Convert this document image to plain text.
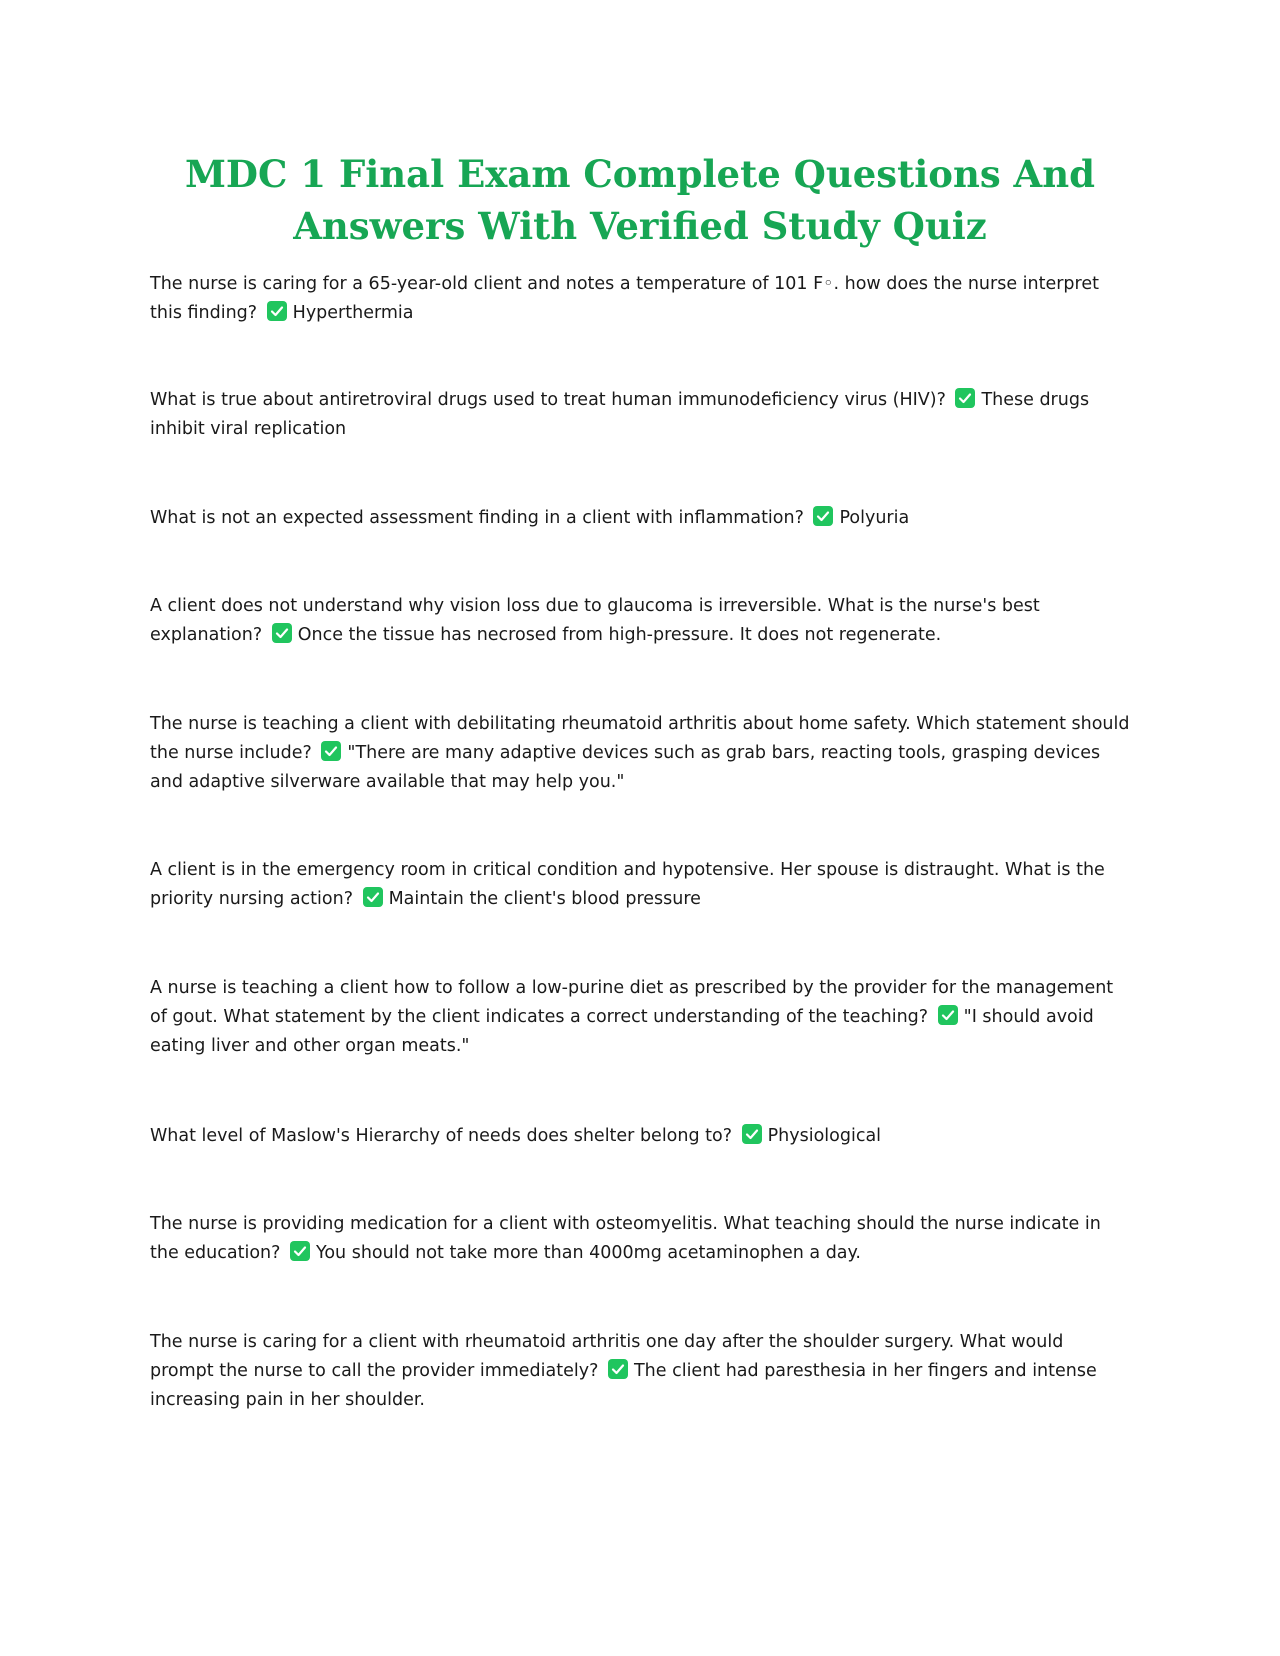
MDC 1 Final Exam Complete Questions And Answers With Verified Study Quiz

The nurse is caring for a 65-year-old client and notes a temperature of 101 F◦. how does the nurse interpret this finding? Hyperthermia

What is true about antiretroviral drugs used to treat human immunodeficiency virus (HIV)? These drugs inhibit viral replication

What is not an expected assessment finding in a client with inflammation? Polyuria

A client does not understand why vision loss due to glaucoma is irreversible. What is the nurse's best explanation? Once the tissue has necrosed from high-pressure. It does not regenerate.

The nurse is teaching a client with debilitating rheumatoid arthritis about home safety. Which statement should the nurse include? "There are many adaptive devices such as grab bars, reacting tools, grasping devices and adaptive silverware available that may help you."

A client is in the emergency room in critical condition and hypotensive. Her spouse is distraught. What is the priority nursing action? Maintain the client's blood pressure

A nurse is teaching a client how to follow a low-purine diet as prescribed by the provider for the management of gout. What statement by the client indicates a correct understanding of the teaching? "I should avoid eating liver and other organ meats."

What level of Maslow's Hierarchy of needs does shelter belong to? Physiological

The nurse is providing medication for a client with osteomyelitis. What teaching should the nurse indicate in the education? You should not take more than 4000mg acetaminophen a day.

The nurse is caring for a client with rheumatoid arthritis one day after the shoulder surgery. What would prompt the nurse to call the provider immediately? The client had paresthesia in her fingers and intense increasing pain in her shoulder.
